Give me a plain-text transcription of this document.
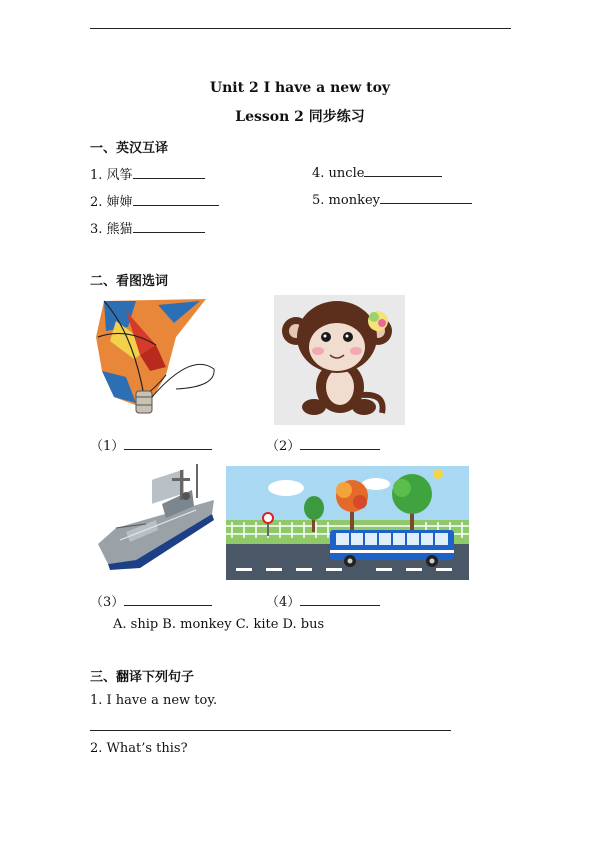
Unit 2 I have a new toy
Lesson 2 同步练习
一、英汉互译
1. 风筝
2. 婶婶
3. 熊猫
4. uncle
5. monkey
二、看图选词
（1）	（2）
（3）	（4）
A. ship B. monkey C. kite D. bus
三、翻译下列句子
1. I have a new toy.
2. What’s this?
